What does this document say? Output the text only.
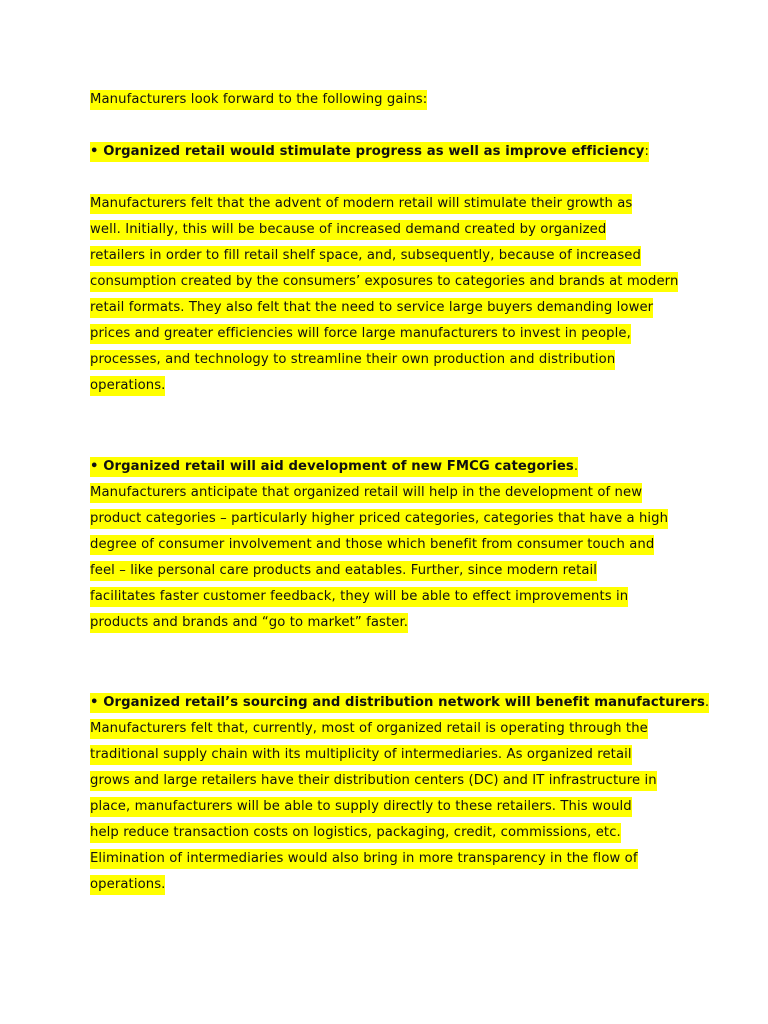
Manufacturers look forward to the following gains:
• Organized retail would stimulate progress as well as improve efficiency:
Manufacturers felt that the advent of modern retail will stimulate their growth as
well. Initially, this will be because of increased demand created by organized
retailers in order to fill retail shelf space, and, subsequently, because of increased
consumption created by the consumers’ exposures to categories and brands at modern
retail formats. They also felt that the need to service large buyers demanding lower
prices and greater efficiencies will force large manufacturers to invest in people,
processes, and technology to streamline their own production and distribution
operations.
• Organized retail will aid development of new FMCG categories.
Manufacturers anticipate that organized retail will help in the development of new
product categories – particularly higher priced categories, categories that have a high
degree of consumer involvement and those which benefit from consumer touch and
feel – like personal care products and eatables. Further, since modern retail
facilitates faster customer feedback, they will be able to effect improvements in
products and brands and “go to market” faster.
• Organized retail’s sourcing and distribution network will benefit manufacturers.
Manufacturers felt that, currently, most of organized retail is operating through the
traditional supply chain with its multiplicity of intermediaries. As organized retail
grows and large retailers have their distribution centers (DC) and IT infrastructure in
place, manufacturers will be able to supply directly to these retailers. This would
help reduce transaction costs on logistics, packaging, credit, commissions, etc.
Elimination of intermediaries would also bring in more transparency in the flow of
operations.
